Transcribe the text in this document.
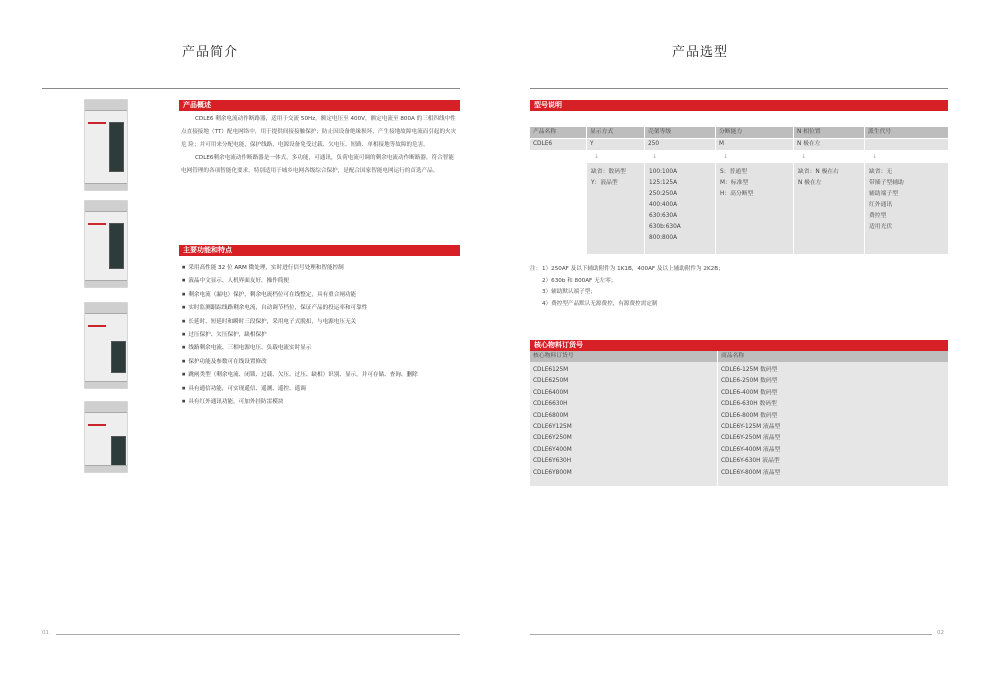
产品简介
产品概述
CDLE6 剩余电流动作断路器，适用于交流 50Hz，额定电压至 400V，额定电流至 800A 的三相四线中性点直接接地（TT）配电网络中，用于提供间接接触保护；防止因设备绝缘损坏，产生接地故障电流而引起的火灾危 险；并可用来分配电能，保护线路、电源设备免受过载、欠电压、短路、单相接地等故障的危害。
CDLE6剩余电流动作断路器是一体式，多功能，可通讯，负荷电流可调的剩余电流动作断路器，符合智能电网管理的各项智能化要求，特别适用于城乡电网各级综合保护，是配合国家智能电网运行的首选产品。
主要功能和特点
■ 采用高性能 32 位 ARM 微处理，实时进行信号处理和智能控制
■ 液晶中文显示、人机界面友好，操作简便
■ 剩余电流（漏电）保护，剩余电流档位可在线整定，具有重合闸功能
■ 实时监测跟踪线路剩余电流，自动调节档位，保证产品的投运率和可靠性
■ 长延时、短延时和瞬时三段保护，采用电子式脱扣，与电源电压无关
■ 过压保护、欠压保护，缺相保护
■ 线路剩余电流、三相电源电压、负载电流实时显示
■ 保护功能及参数可在线设置修改
■ 跳闸类型（剩余电流、闭锁、过载、欠压、过压、缺相）识别、显示，并可存储、查询、删除
■ 具有通信功能，可实现遥信、遥测、遥控、遥调
■ 具有红外通讯功能，可加外挂防雷模块
01
产品选型
型号说明
产品名称
CDLE6
显示方式
Y
↓
缺省：数码型
Y：液晶型
壳架等级
250
↓
100:100A
125:125A
250:250A
400:400A
630:630A
630b:630A
800:800A
分断能力
M
↓
S：普通型
M：标准型
H：高分断型
N 相位置
N 极在左
↓
缺省：N 极在右
N 极在左
派生代号
↓
缺省：无
带插子型辅助
辅助端子型
红外通讯
费控型
适用光伏
注： 1）250AF 及以下辅助附件为 1K1B，400AF 及以上辅助附件为 2K2B；
2）630b 和 800AF 无左零；
3）辅助默认端子型；
4）费控型产品默认无源费控，有源费控需定制
核心物料订货号
核心物料订货号
CDLE6125M
CDLE6250M
CDLE6400M
CDLE6630H
CDLE6800M
CDLE6Y125M
CDLE6Y250M
CDLE6Y400M
CDLE6Y630H
CDLE6Y800M
商品名称
CDLE6-125M 数码型
CDLE6-250M 数码型
CDLE6-400M 数码型
CDLE6-630H 数码型
CDLE6-800M 数码型
CDLE6Y-125M 液晶型
CDLE6Y-250M 液晶型
CDLE6Y-400M 液晶型
CDLE6Y-630H 液晶型
CDLE6Y-800M 液晶型
02
